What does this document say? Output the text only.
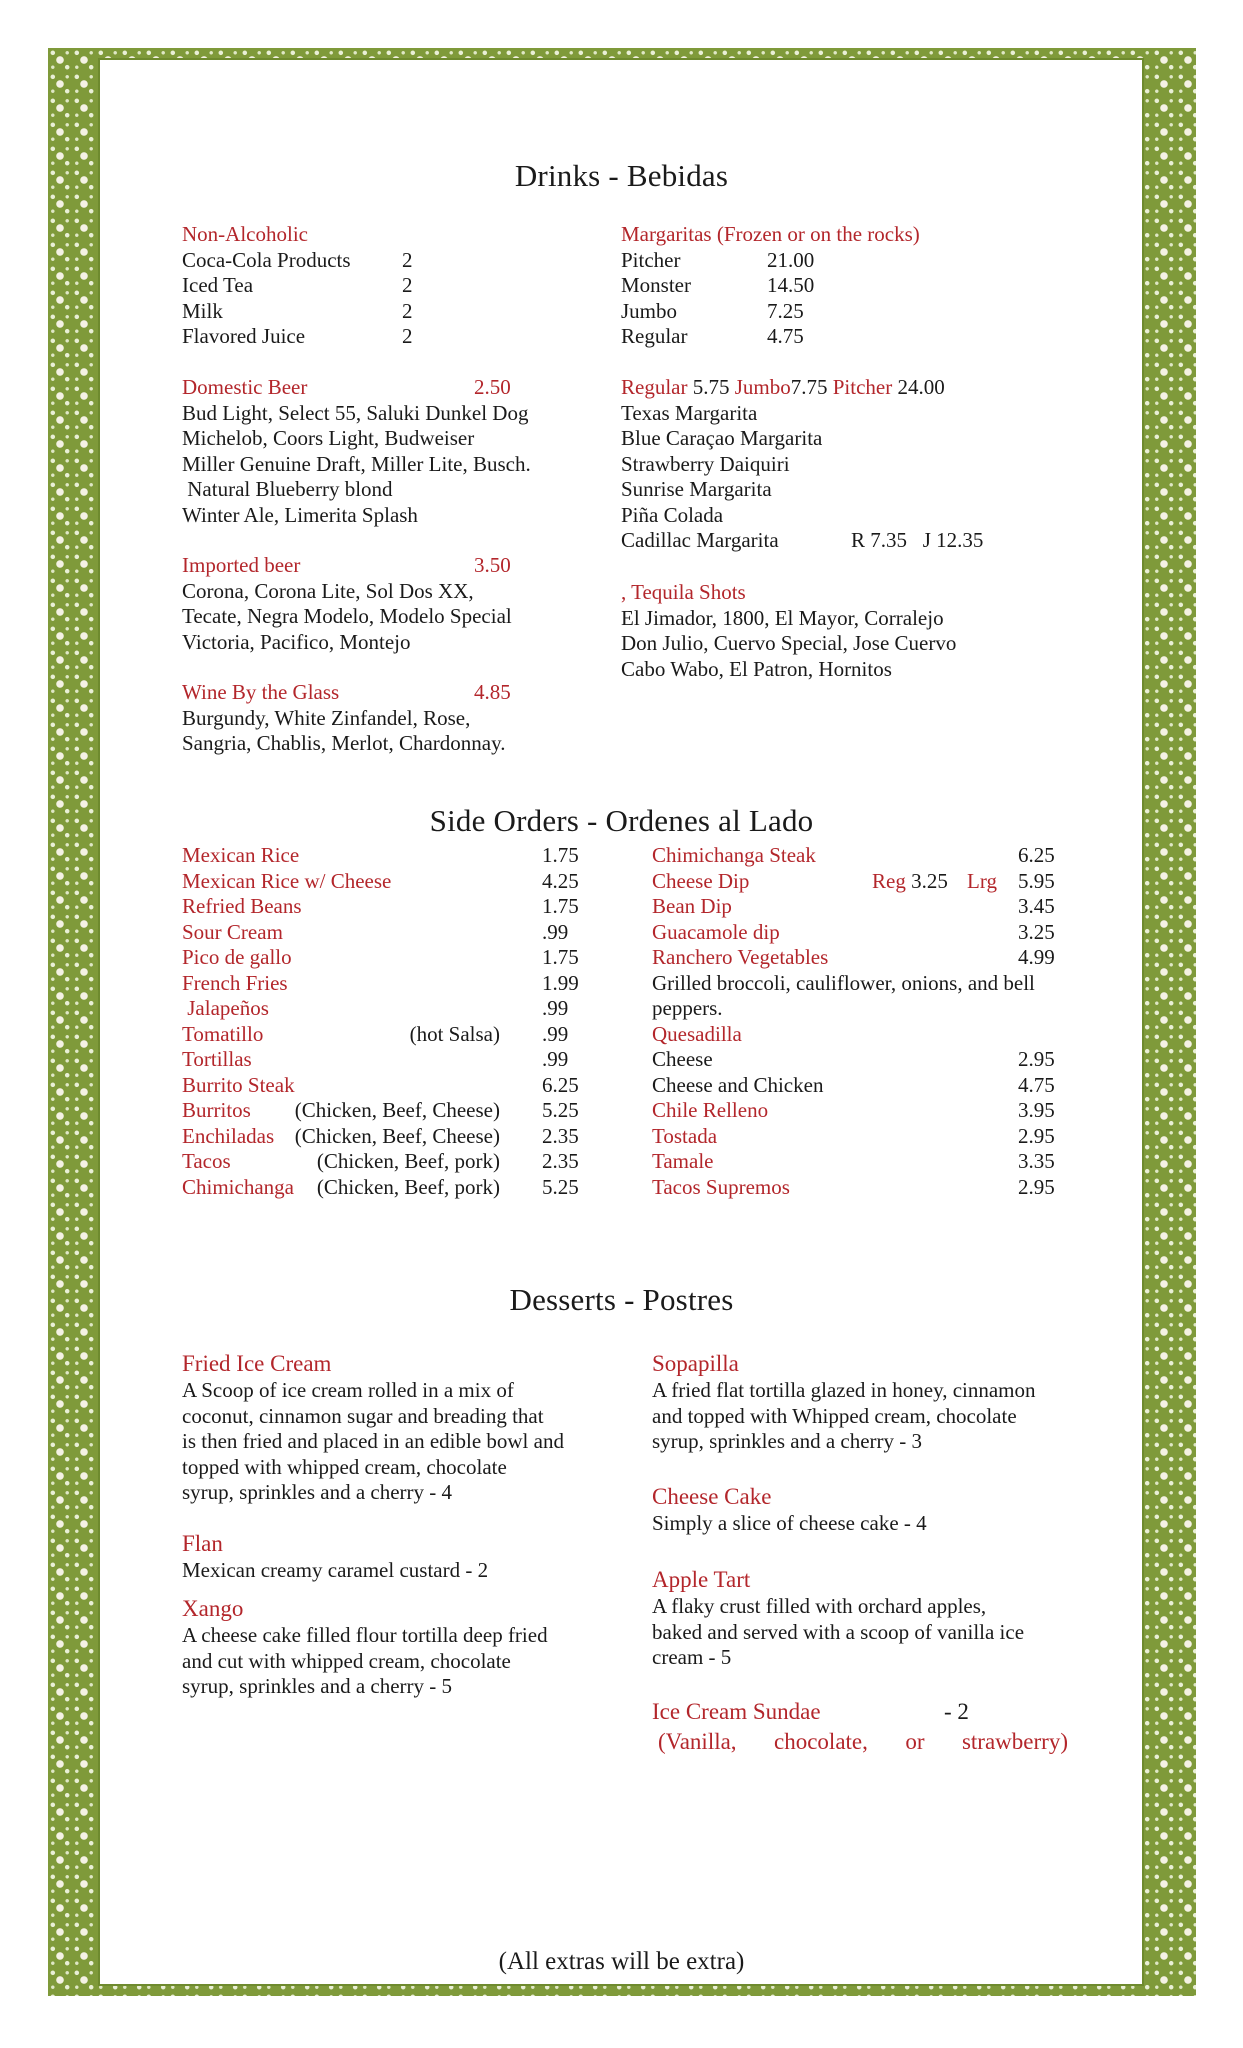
Drinks - Bebidas
Non-Alcoholic
Coca-Cola Products 2
Iced Tea	2
Milk	2
Flavored Juice	2
Domestic Beer	2.50
Bud Light, Select 55, Saluki Dunkel Dog
Michelob, Coors Light, Budweiser
Miller Genuine Draft, Miller Lite, Busch.
Natural Blueberry blond
Winter Ale, Limerita Splash
Imported beer	3.50
Corona, Corona Lite, Sol Dos XX,
Tecate, Negra Modelo, Modelo Special
Victoria, Pacifico, Montejo
Wine By the Glass	4.85
Burgundy, White Zinfandel, Rose,
Sangria, Chablis, Merlot, Chardonnay.
Margaritas (Frozen or on the rocks)
Pitcher	21.00
Monster	14.50
Jumbo	7.25
Regular	4.75
Regular 5.75 Jumbo7.75 Pitcher 24.00
Texas Margarita
Blue Caraçao Margarita
Strawberry Daiquiri
Sunrise Margarita
Piña Colada
Cadillac Margarita	R 7.35   J 12.35
, Tequila Shots
El Jimador, 1800, El Mayor, Corralejo
Don Julio, Cuervo Special, Jose Cuervo
Cabo Wabo, El Patron, Hornitos
Side Orders - Ordenes al Lado
Mexican Rice	1.75
Mexican Rice w/ Cheese	4.25
Refried Beans	1.75
Sour Cream	.99
Pico de gallo	1.75
French Fries	1.99
Jalapeños	.99
Tomatillo	(hot Salsa) .99
Tortillas	.99
Burrito Steak	6.25
Burritos (Chicken, Beef, Cheese) 5.25
Enchiladas (Chicken, Beef, Cheese) 2.35
Tacos	(Chicken, Beef, pork) 2.35
Chimichanga (Chicken, Beef, pork) 5.25
Chimichanga Steak	6.25
Cheese Dip	Reg 3.25 Lrg 5.95
Bean Dip	3.45
Guacamole dip	3.25
Ranchero Vegetables	4.99
Grilled broccoli, cauliflower, onions, and bell
peppers.
Quesadilla
Cheese	2.95
Cheese and Chicken	4.75
Chile Relleno	3.95
Tostada	2.95
Tamale	3.35
Tacos Supremos	2.95
Desserts - Postres
Fried Ice Cream
A Scoop of ice cream rolled in a mix of
coconut, cinnamon sugar and breading that
is then fried and placed in an edible bowl and
topped with whipped cream, chocolate
syrup, sprinkles and a cherry - 4
Flan
Mexican creamy caramel custard - 2
Xango
A cheese cake filled flour tortilla deep fried
and cut with whipped cream, chocolate
syrup, sprinkles and a cherry - 5
Sopapilla
A fried flat tortilla glazed in honey, cinnamon
and topped with Whipped cream, chocolate
syrup, sprinkles and a cherry - 3
Cheese Cake
Simply a slice of cheese cake - 4
Apple Tart
A flaky crust filled with orchard apples,
baked and served with a scoop of vanilla ice
cream - 5
Ice Cream Sundae	- 2
(Vanilla, chocolate, or strawberry)
(All extras will be extra)
